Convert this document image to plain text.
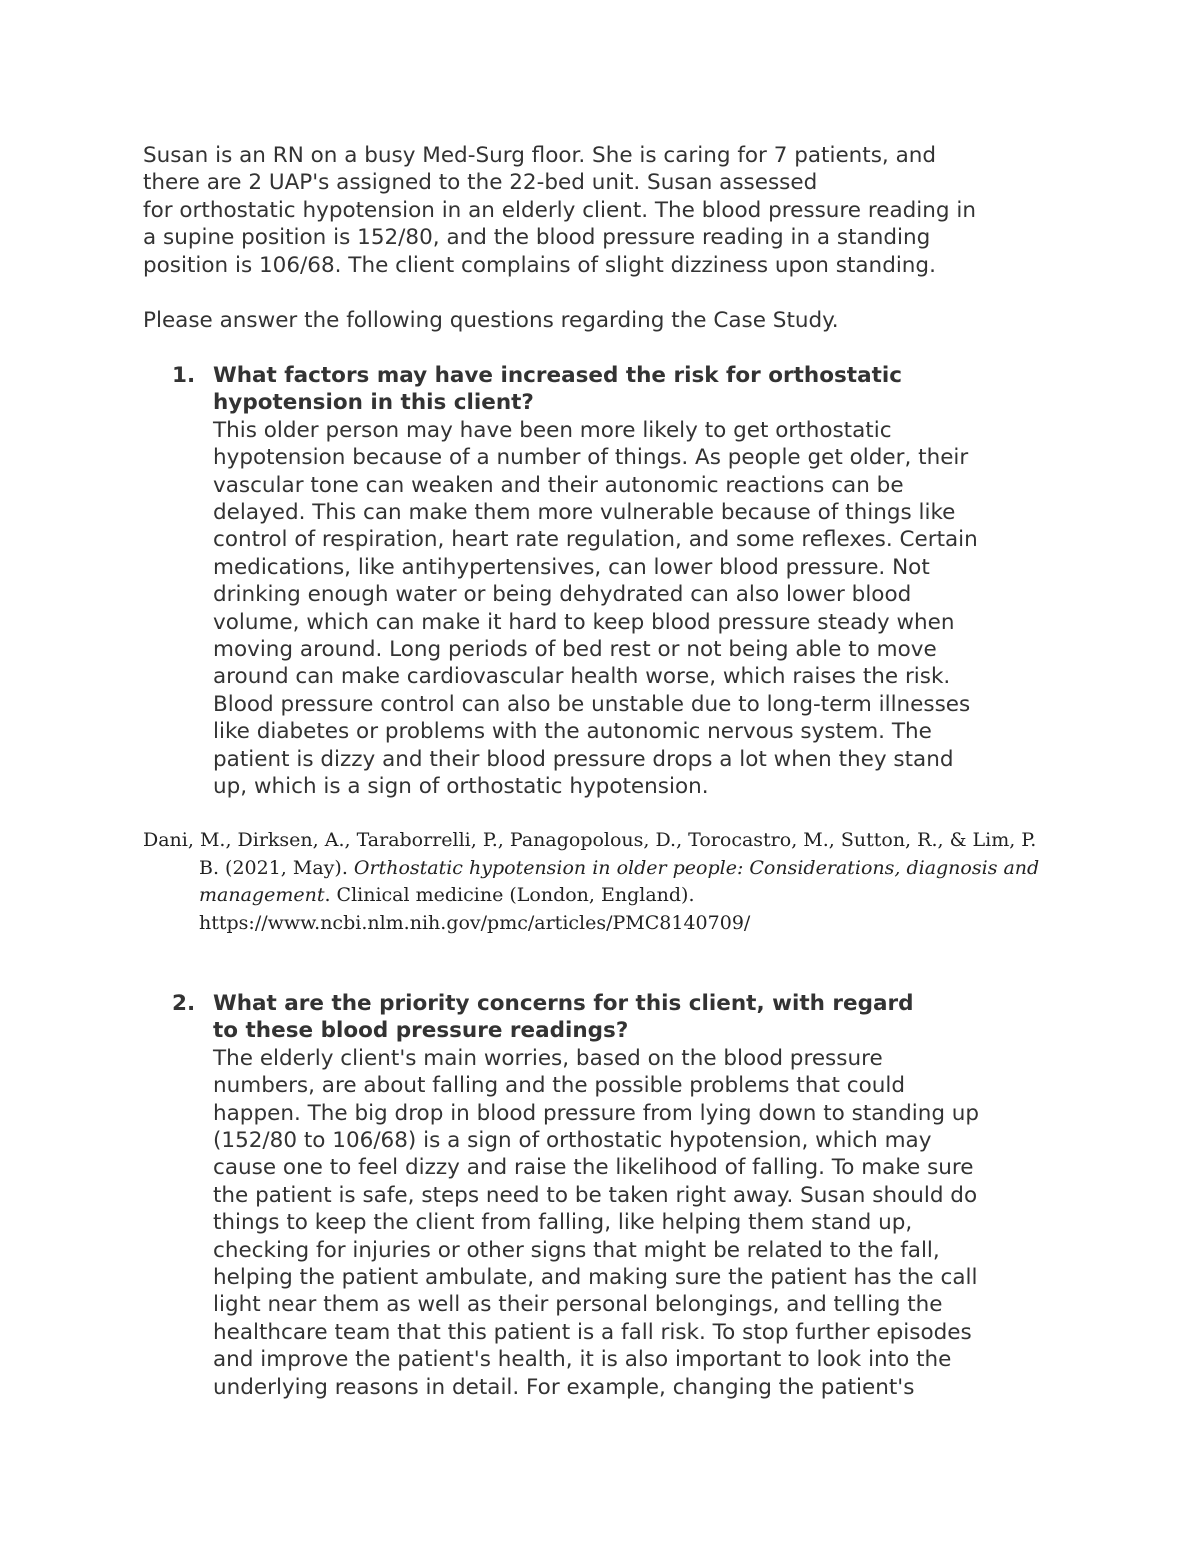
Susan is an RN on a busy Med-Surg floor. She is caring for 7 patients, and
there are 2 UAP's assigned to the 22-bed unit. Susan assessed
for orthostatic hypotension in an elderly client. The blood pressure reading in
a supine position is 152/80, and the blood pressure reading in a standing
position is 106/68. The client complains of slight dizziness upon standing.
Please answer the following questions regarding the Case Study.
1. What factors may have increased the risk for orthostatic
hypotension in this client?
This older person may have been more likely to get orthostatic
hypotension because of a number of things. As people get older, their
vascular tone can weaken and their autonomic reactions can be
delayed. This can make them more vulnerable because of things like
control of respiration, heart rate regulation, and some reflexes. Certain
medications, like antihypertensives, can lower blood pressure. Not
drinking enough water or being dehydrated can also lower blood
volume, which can make it hard to keep blood pressure steady when
moving around. Long periods of bed rest or not being able to move
around can make cardiovascular health worse, which raises the risk.
Blood pressure control can also be unstable due to long-term illnesses
like diabetes or problems with the autonomic nervous system. The
patient is dizzy and their blood pressure drops a lot when they stand
up, which is a sign of orthostatic hypotension.
Dani, M., Dirksen, A., Taraborrelli, P., Panagopolous, D., Torocastro, M., Sutton, R., & Lim, P.
B. (2021, May). Orthostatic hypotension in older people: Considerations, diagnosis and
management. Clinical medicine (London, England).
https://www.ncbi.nlm.nih.gov/pmc/articles/PMC8140709/
2. What are the priority concerns for this client, with regard
to these blood pressure readings?
The elderly client's main worries, based on the blood pressure
numbers, are about falling and the possible problems that could
happen. The big drop in blood pressure from lying down to standing up
(152/80 to 106/68) is a sign of orthostatic hypotension, which may
cause one to feel dizzy and raise the likelihood of falling. To make sure
the patient is safe, steps need to be taken right away. Susan should do
things to keep the client from falling, like helping them stand up,
checking for injuries or other signs that might be related to the fall,
helping the patient ambulate, and making sure the patient has the call
light near them as well as their personal belongings, and telling the
healthcare team that this patient is a fall risk. To stop further episodes
and improve the patient's health, it is also important to look into the
underlying reasons in detail. For example, changing the patient's
